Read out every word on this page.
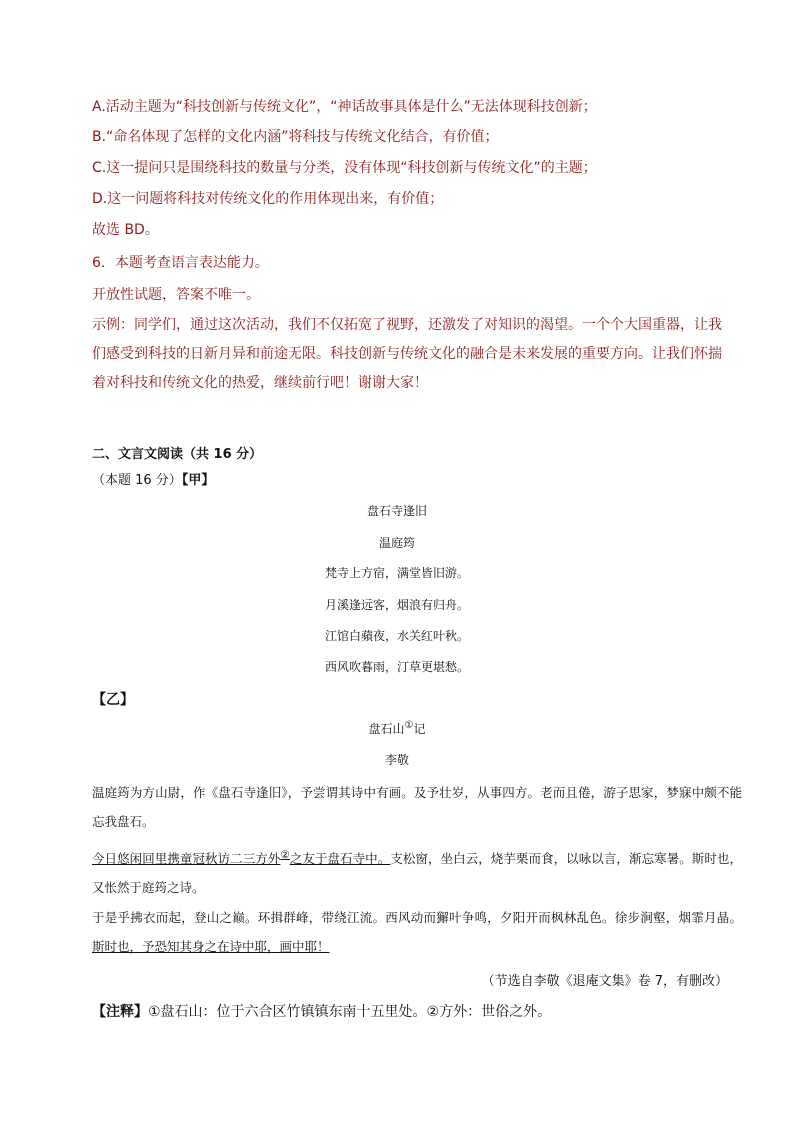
A.活动主题为“科技创新与传统文化”，“神话故事具体是什么”无法体现科技创新；
B.“命名体现了怎样的文化内涵”将科技与传统文化结合，有价值；
C.这一提问只是围绕科技的数量与分类，没有体现“科技创新与传统文化”的主题；
D.这一问题将科技对传统文化的作用体现出来，有价值；
故选 BD。
6．本题考查语言表达能力。
开放性试题，答案不唯一。
示例：同学们，通过这次活动，我们不仅拓宽了视野，还激发了对知识的渴望。一个个大国重器，让我们感受到科技的日新月异和前途无限。科技创新与传统文化的融合是未来发展的重要方向。让我们怀揣着对科技和传统文化的热爱，继续前行吧！谢谢大家！
二、文言文阅读（共 16 分）
（本题 16 分）【甲】
盘石寺逢旧
温庭筠
梵寺上方宿，满堂皆旧游。
月溪逢远客，烟浪有归舟。
江馆白蘋夜，水关红叶秋。
西风吹暮雨，汀草更堪愁。
【乙】
盘石山①记
李敬
温庭筠为方山尉，作《盘石寺逢旧》，予尝谓其诗中有画。及予壮岁，从事四方。老而且倦，游子思家，梦寐中颇不能忘我盘石。
今日悠闲回里携童冠秋访二三方外②之友于盘石寺中。支松窗，坐白云，烧芋栗而食，以咏以言，渐忘寒暑。斯时也，又怅然于庭筠之诗。
于是乎拂衣而起，登山之巅。环揖群峰，带绕江流。西风动而獬叶争鸣，夕阳开而枫林乱色。徐步涧壑，烟霏月晶。斯时也，予恐知其身之在诗中耶，画中耶！
（节选自李敬《退庵文集》卷 7，有删改）
【注释】①盘石山：位于六合区竹镇镇东南十五里处。②方外：世俗之外。
